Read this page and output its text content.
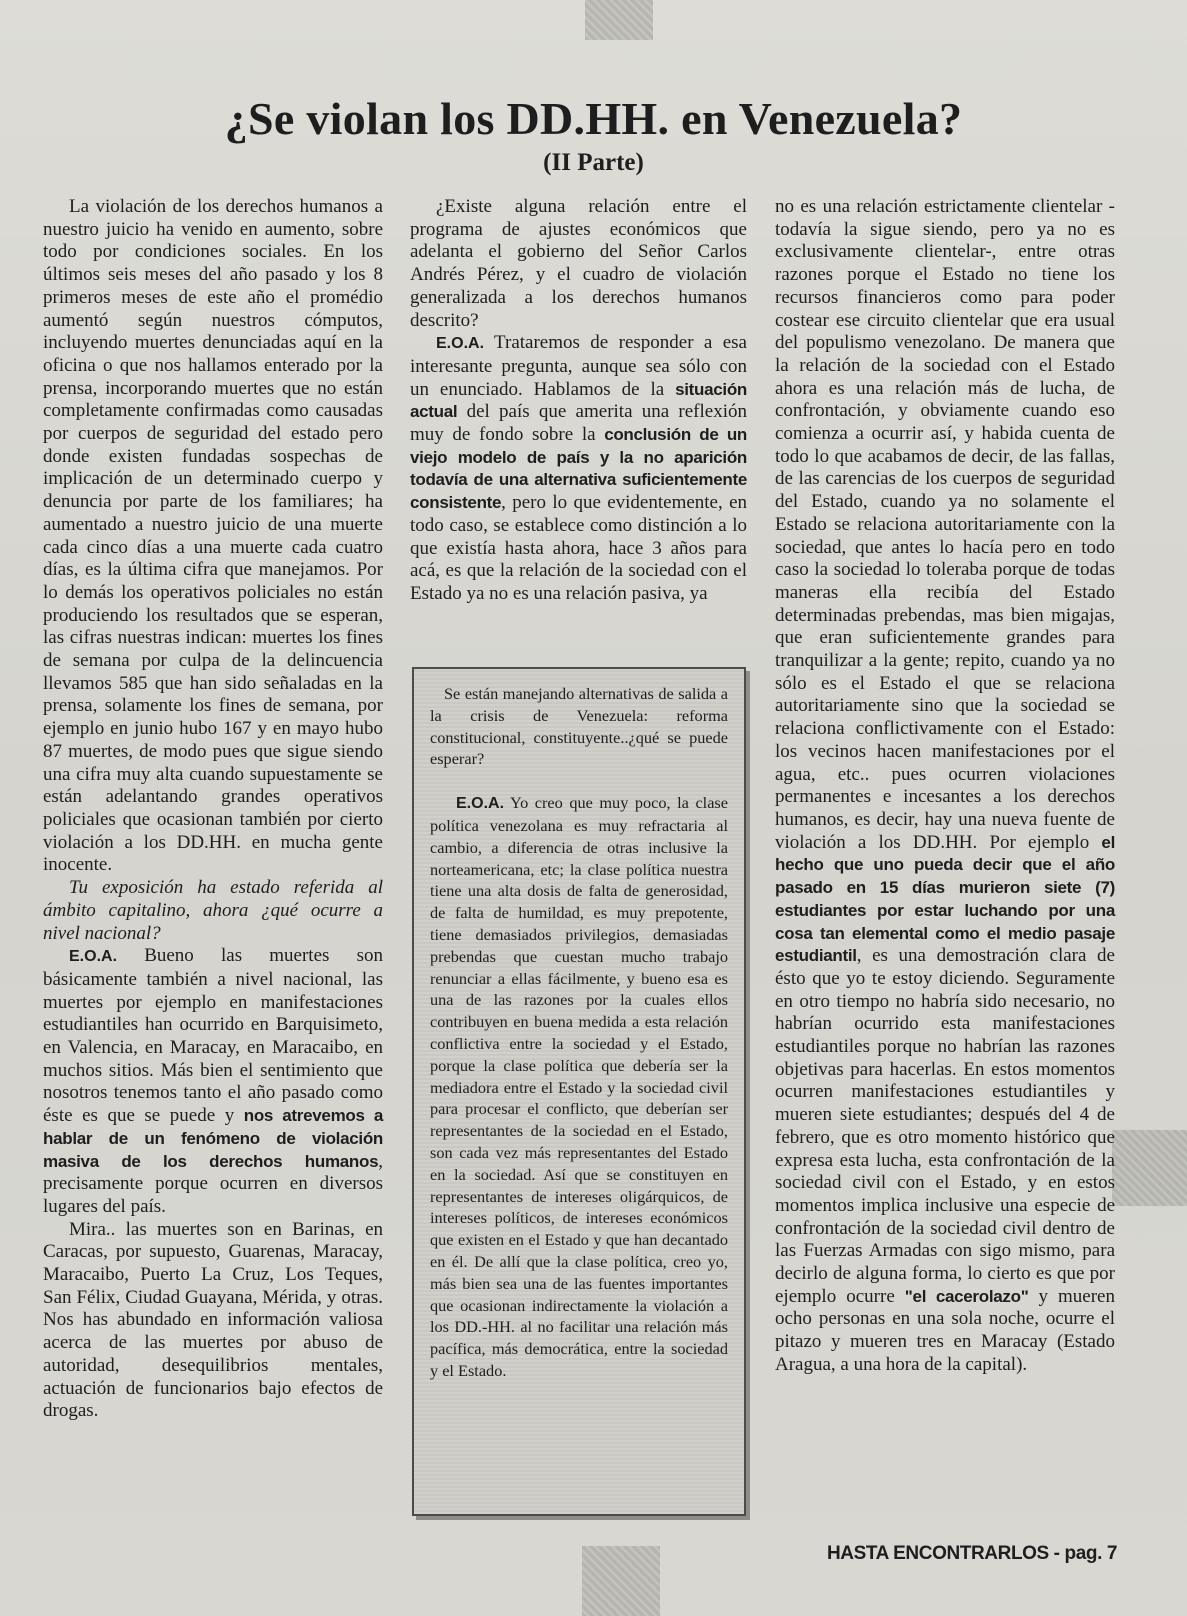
¿Se violan los DD.HH. en Venezuela?
(II Parte)

La violación de los derechos humanos a nuestro juicio ha venido en aumento, sobre todo por condiciones sociales. En los últimos seis meses del año pasado y los 8 primeros meses de este año el promédio aumentó según nuestros cómputos, incluyendo muertes denunciadas aquí en la oficina o que nos hallamos enterado por la prensa, incorporando muertes que no están completamente confirmadas como causadas por cuerpos de seguridad del estado pero donde existen fundadas sospechas de implicación de un determinado cuerpo y denuncia por parte de los familiares; ha aumentado a nuestro juicio de una muerte cada cinco días a una muerte cada cuatro días, es la última cifra que manejamos. Por lo demás los operativos policiales no están produciendo los resultados que se esperan, las cifras nuestras indican: muertes los fines de semana por culpa de la delincuencia llevamos 585 que han sido señaladas en la prensa, solamente los fines de semana, por ejemplo en junio hubo 167 y en mayo hubo 87 muertes, de modo pues que sigue siendo una cifra muy alta cuando supuestamente se están adelantando grandes operativos policiales que ocasionan también por cierto violación a los DD.HH. en mucha gente inocente.

Tu exposición ha estado referida al ámbito capitalino, ahora ¿qué ocurre a nivel nacional?

E.O.A. Bueno las muertes son básicamente también a nivel nacional, las muertes por ejemplo en manifestaciones estudiantiles han ocurrido en Barquisimeto, en Valencia, en Maracay, en Maracaibo, en muchos sitios. Más bien el sentimiento que nosotros tenemos tanto el año pasado como éste es que se puede y nos atrevemos a hablar de un fenómeno de violación masiva de los derechos humanos, precisamente porque ocurren en diversos lugares del país.

Mira.. las muertes son en Barinas, en Caracas, por supuesto, Guarenas, Maracay, Maracaibo, Puerto La Cruz, Los Teques, San Félix, Ciudad Guayana, Mérida, y otras. Nos has abundado en información valiosa acerca de las muertes por abuso de autoridad, desequilibrios mentales, actuación de funcionarios bajo efectos de drogas.

¿Existe alguna relación entre el programa de ajustes económicos que adelanta el gobierno del Señor Carlos Andrés Pérez, y el cuadro de violación generalizada a los derechos humanos descrito?

E.O.A. Trataremos de responder a esa interesante pregunta, aunque sea sólo con un enunciado. Hablamos de la situación actual del país que amerita una reflexión muy de fondo sobre la conclusión de un viejo modelo de país y la no aparición todavía de una alternativa suficientemente consistente, pero lo que evidentemente, en todo caso, se establece como distinción a lo que existía hasta ahora, hace 3 años para acá, es que la relación de la sociedad con el Estado ya no es una relación pasiva, ya

Se están manejando alternativas de salida a la crisis de Venezuela: reforma constitucional, constituyente..¿qué se puede esperar?

E.O.A. Yo creo que muy poco, la clase política venezolana es muy refractaria al cambio, a diferencia de otras inclusive la norteamericana, etc; la clase política nuestra tiene una alta dosis de falta de generosidad, de falta de humildad, es muy prepotente, tiene demasiados privilegios, demasiadas prebendas que cuestan mucho trabajo renunciar a ellas fácilmente, y bueno esa es una de las razones por la cuales ellos contribuyen en buena medida a esta relación conflictiva entre la sociedad y el Estado, porque la clase política que debería ser la mediadora entre el Estado y la sociedad civil para procesar el conflicto, que deberían ser representantes de la sociedad en el Estado, son cada vez más representantes del Estado en la sociedad. Así que se constituyen en representantes de intereses oligárquicos, de intereses políticos, de intereses económicos que existen en el Estado y que han decantado en él. De allí que la clase política, creo yo, más bien sea una de las fuentes importantes que ocasionan indirectamente la violación a los DD.-HH. al no facilitar una relación más pacífica, más democrática, entre la sociedad y el Estado.

no es una relación estrictamente clientelar -todavía la sigue siendo, pero ya no es exclusivamente clientelar-, entre otras razones porque el Estado no tiene los recursos financieros como para poder costear ese circuito clientelar que era usual del populismo venezolano. De manera que la relación de la sociedad con el Estado ahora es una relación más de lucha, de confrontación, y obviamente cuando eso comienza a ocurrir así, y habida cuenta de todo lo que acabamos de decir, de las fallas, de las carencias de los cuerpos de seguridad del Estado, cuando ya no solamente el Estado se relaciona autoritariamente con la sociedad, que antes lo hacía pero en todo caso la sociedad lo toleraba porque de todas maneras ella recibía del Estado determinadas prebendas, mas bien migajas, que eran suficientemente grandes para tranquilizar a la gente; repito, cuando ya no sólo es el Estado el que se relaciona autoritariamente sino que la sociedad se relaciona conflictivamente con el Estado: los vecinos hacen manifestaciones por el agua, etc.. pues ocurren violaciones permanentes e incesantes a los derechos humanos, es decir, hay una nueva fuente de violación a los DD.HH. Por ejemplo el hecho que uno pueda decir que el año pasado en 15 días murieron siete (7) estudiantes por estar luchando por una cosa tan elemental como el medio pasaje estudiantil, es una demostración clara de ésto que yo te estoy diciendo. Seguramente en otro tiempo no habría sido necesario, no habrían ocurrido esta manifestaciones estudiantiles porque no habrían las razones objetivas para hacerlas. En estos momentos ocurren manifestaciones estudiantiles y mueren siete estudiantes; después del 4 de febrero, que es otro momento histórico que expresa esta lucha, esta confrontación de la sociedad civil con el Estado, y en estos momentos implica inclusive una especie de confrontación de la sociedad civil dentro de las Fuerzas Armadas con sigo mismo, para decirlo de alguna forma, lo cierto es que por ejemplo ocurre "el cacerolazo" y mueren ocho personas en una sola noche, ocurre el pitazo y mueren tres en Maracay (Estado Aragua, a una hora de la capital).

HASTA ENCONTRARLOS - pag. 7
